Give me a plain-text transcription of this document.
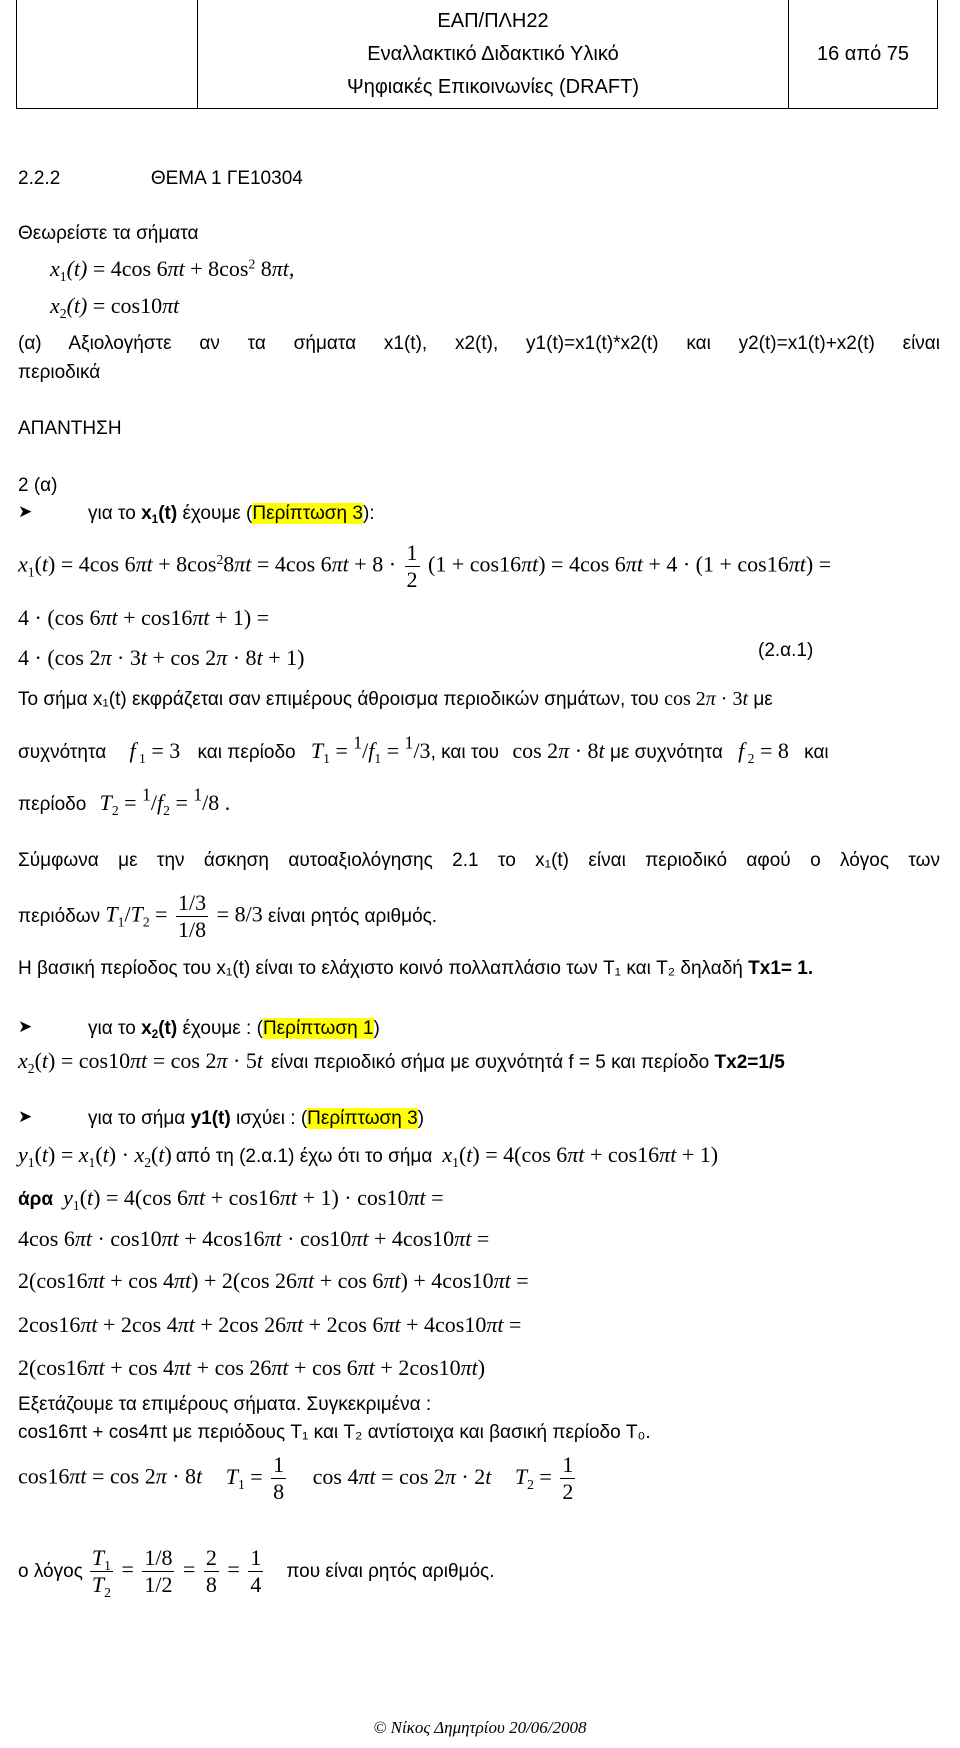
ΕΑΠ/ΠΛΗ22
Εναλλακτικό Διδακτικό Υλικό
Ψηφιακές Επικοινωνίες (DRAFT)
16 από 75
2.2.2	ΘΕΜΑ 1 ΓΕ10304
Θεωρείστε τα σήματα
$x_1(t) = 4\cos$ $6\pi t + 8\cos^2$ 8πt,
$x_2(t) = \cos 10\pi t$
(α) Αξιολογήστε αν τα σήματα x1(t), x2(t), y1(t)=x1(t)*x2(t) και y2(t)=x1(t)+x2(t) είναι
περιοδικά
ΑΠΑΝΤΗΣΗ
2 (α)
➤	για το $x_1(t)$ έχουμε (Περίπτωση 3):
$x_1(t) = 4\cos$ $6\pi t + 8\cos^28\pi t = 4\cos$ $6\pi t + 8 \cdot \frac{1}{2} (1 + \cos 16\pi t) = 4\cos$ 6πt + 4 · (1 + cos16πt) =
4 · (cos 6πt + cos16πt + 1) =
4 · (cos 2π · 3t + cos 2π · 8t + 1)	(2.α.1)
Το σήμα x₁(t) εκφράζεται σαν επιμέρους άθροισμα περιοδικών σημάτων, του cos 2π · 3t με
συχνότητα f $_1$ = 3 και περίοδο $T_1 = ^1/f_1 = ^1/3$, και του cos 2π · 8t με συχνότητα f $_2$ = 8 και
περίοδο $T_2 = ^1/f_2 = ^1/8$ .
Σύμφωνα με την άσκηση αυτοαξιολόγησης 2.1 το x₁(t) είναι περιοδικό αφού ο λόγος των
περιόδων $T_1/T_2 = \frac{1/3}{1/8} = 8/3$ είναι ρητός αριθμός.
Η βασική περίοδος του x₁(t) είναι το ελάχιστο κοινό πολλαπλάσιο των T₁ και T₂ δηλαδή Tx1= 1.
➤	για το $x_2(t)$ έχουμε : (Περίπτωση 1)
$x_2(t) = \cos 10\pi t = \cos 2\pi \cdot 5t$ είναι περιοδικό σήμα με συχνότητά f = 5 και περίοδο Tx2=1/5
➤	για το σήμα y1(t) ισχύει : (Περίπτωση 3)
$y_1(t) = x_1(t) \cdot x_2(t)$ από τη (2.α.1) έχω ότι το σήμα $x_1(t) = 4(\cos$ 6πt + cos16πt + 1)
άρα $y_1(t) = 4(\cos$ 6πt + cos16πt + 1) · cos10πt =
4cos 6πt · cos10πt + 4cos16πt · cos10πt + 4cos10πt =
2(cos16πt + cos 4πt) + 2(cos 26πt + cos 6πt) + 4cos10πt =
2cos16πt + 2cos 4πt + 2cos 26πt + 2cos 6πt + 4cos10πt =
2(cos16πt + cos 4πt + cos 26πt + cos 6πt + 2cos10πt)
Εξετάζουμε τα επιμέρους σήματα. Συγκεκριμένα :
cos16πt + cos4πt με περιόδους T₁ και T₂ αντίστοιχα και βασική περίοδο T₀.
cos16πt = cos 2π · 8t $T_1 = \frac{1}{8}$ cos 4πt = cos 2π · 2t $T_2 = \frac{1}{2}$
ο λόγος $\frac{T_1}{T_2} = \frac{1/8}{1/2} = \frac{2}{8} = \frac{1}{4}$ που είναι ρητός αριθμός.
© Νίκος Δημητρίου 20/06/2008
